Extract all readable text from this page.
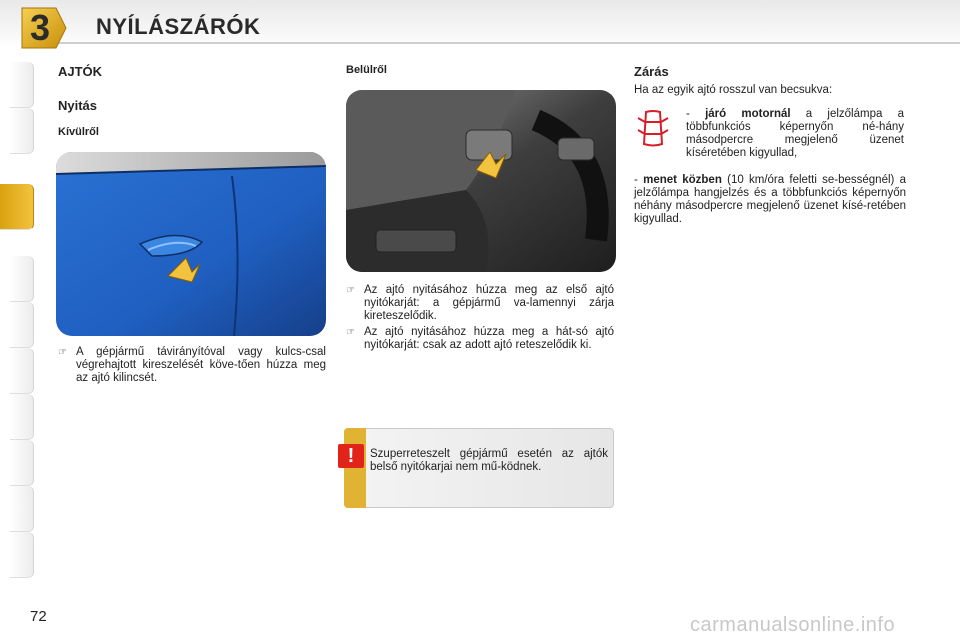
3	NYÍLÁSZÁRÓK
AJTÓK
Nyitás
Kívülről
☞ A gépjármű távirányítóval vagy kulcs-csal végrehajtott kireszelését köve-tően húzza meg az ajtó kilincsét.
Belülről
☞ Az ajtó nyitásához húzza meg az első ajtó nyitókarját: a gépjármű va-lamennyi zárja kireteszelődik.
☞ Az ajtó nyitásához húzza meg a hát-só ajtó nyitókarját: csak az adott ajtó reteszelődik ki.
!	Szuperreteszelt gépjármű esetén az ajtók belső nyitókarjai nem mű-ködnek.
Zárás
Ha az egyik ajtó rosszul van becsukva:
- járó motornál a jelzőlámpa a többfunkciós képernyőn né-hány másodpercre megjelenő üzenet kíséretében kigyullad,
- menet közben (10 km/óra feletti se-bességnél) a jelzőlámpa hangjelzés és a többfunkciós képernyőn néhány másodpercre megjelenő üzenet kísé-retében kigyullad.
72	carmanualsonline.info
